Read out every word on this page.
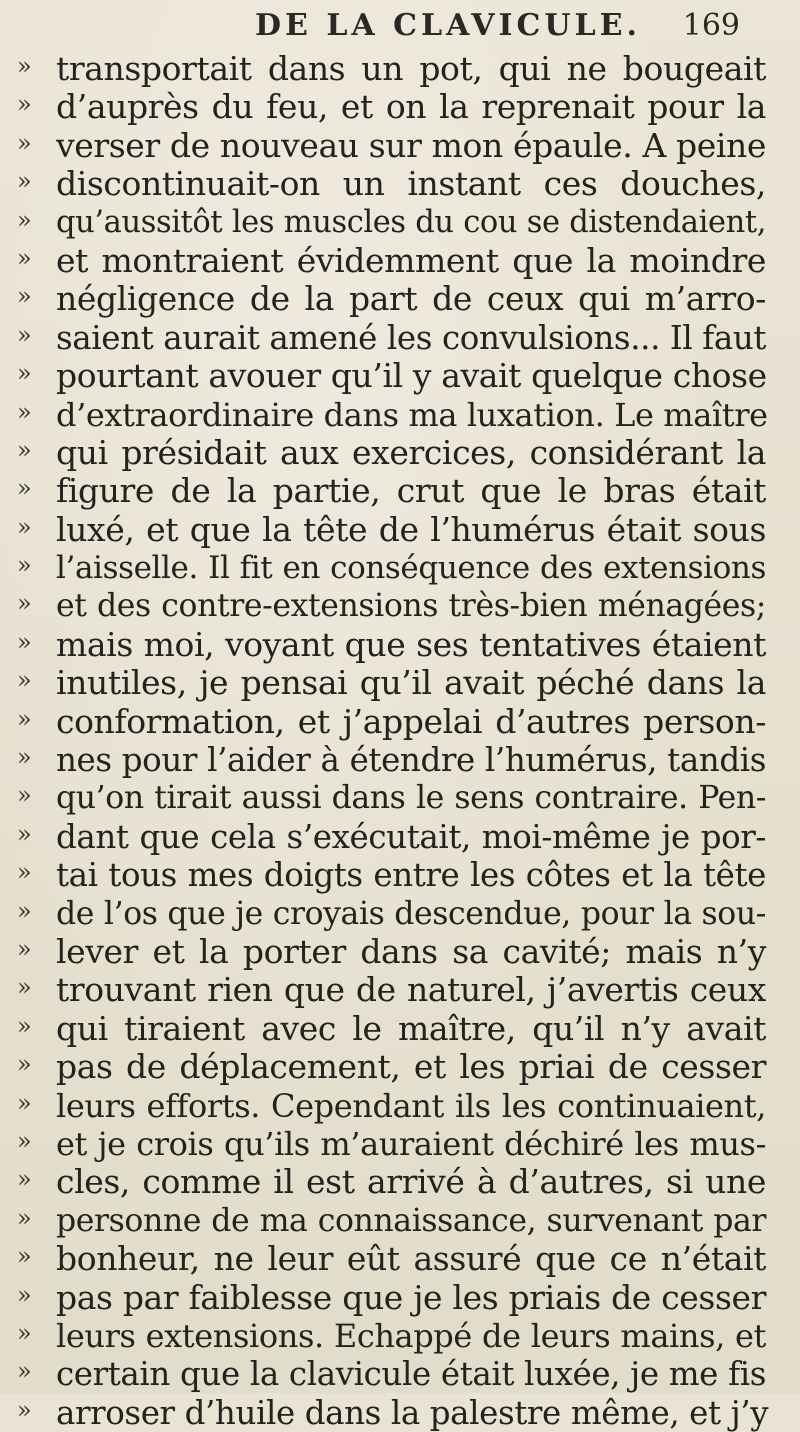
DE LA CLAVICULE. 169
» transportait dans un pot, qui ne bougeait
» d’auprès du feu, et on la reprenait pour la
» verser de nouveau sur mon épaule. A peine
» discontinuait-on un instant ces douches,
» qu’aussitôt les muscles du cou se distendaient,
» et montraient évidemment que la moindre
» négligence de la part de ceux qui m’arro-
» saient aurait amené les convulsions... Il faut
» pourtant avouer qu’il y avait quelque chose
» d’extraordinaire dans ma luxation. Le maître
» qui présidait aux exercices, considérant la
» figure de la partie, crut que le bras était
» luxé, et que la tête de l’humérus était sous
» l’aisselle. Il fit en conséquence des extensions
» et des contre-extensions très-bien ménagées;
» mais moi, voyant que ses tentatives étaient
» inutiles, je pensai qu’il avait péché dans la
» conformation, et j’appelai d’autres person-
» nes pour l’aider à étendre l’humérus, tandis
» qu’on tirait aussi dans le sens contraire. Pen-
» dant que cela s’exécutait, moi-même je por-
» tai tous mes doigts entre les côtes et la tête
» de l’os que je croyais descendue, pour la sou-
» lever et la porter dans sa cavité; mais n’y
» trouvant rien que de naturel, j’avertis ceux
» qui tiraient avec le maître, qu’il n’y avait
» pas de déplacement, et les priai de cesser
» leurs efforts. Cependant ils les continuaient,
» et je crois qu’ils m’auraient déchiré les mus-
» cles, comme il est arrivé à d’autres, si une
» personne de ma connaissance, survenant par
» bonheur, ne leur eût assuré que ce n’était
» pas par faiblesse que je les priais de cesser
» leurs extensions. Echappé de leurs mains, et
» certain que la clavicule était luxée, je me fis
» arroser d’huile dans la palestre même, et j’y
